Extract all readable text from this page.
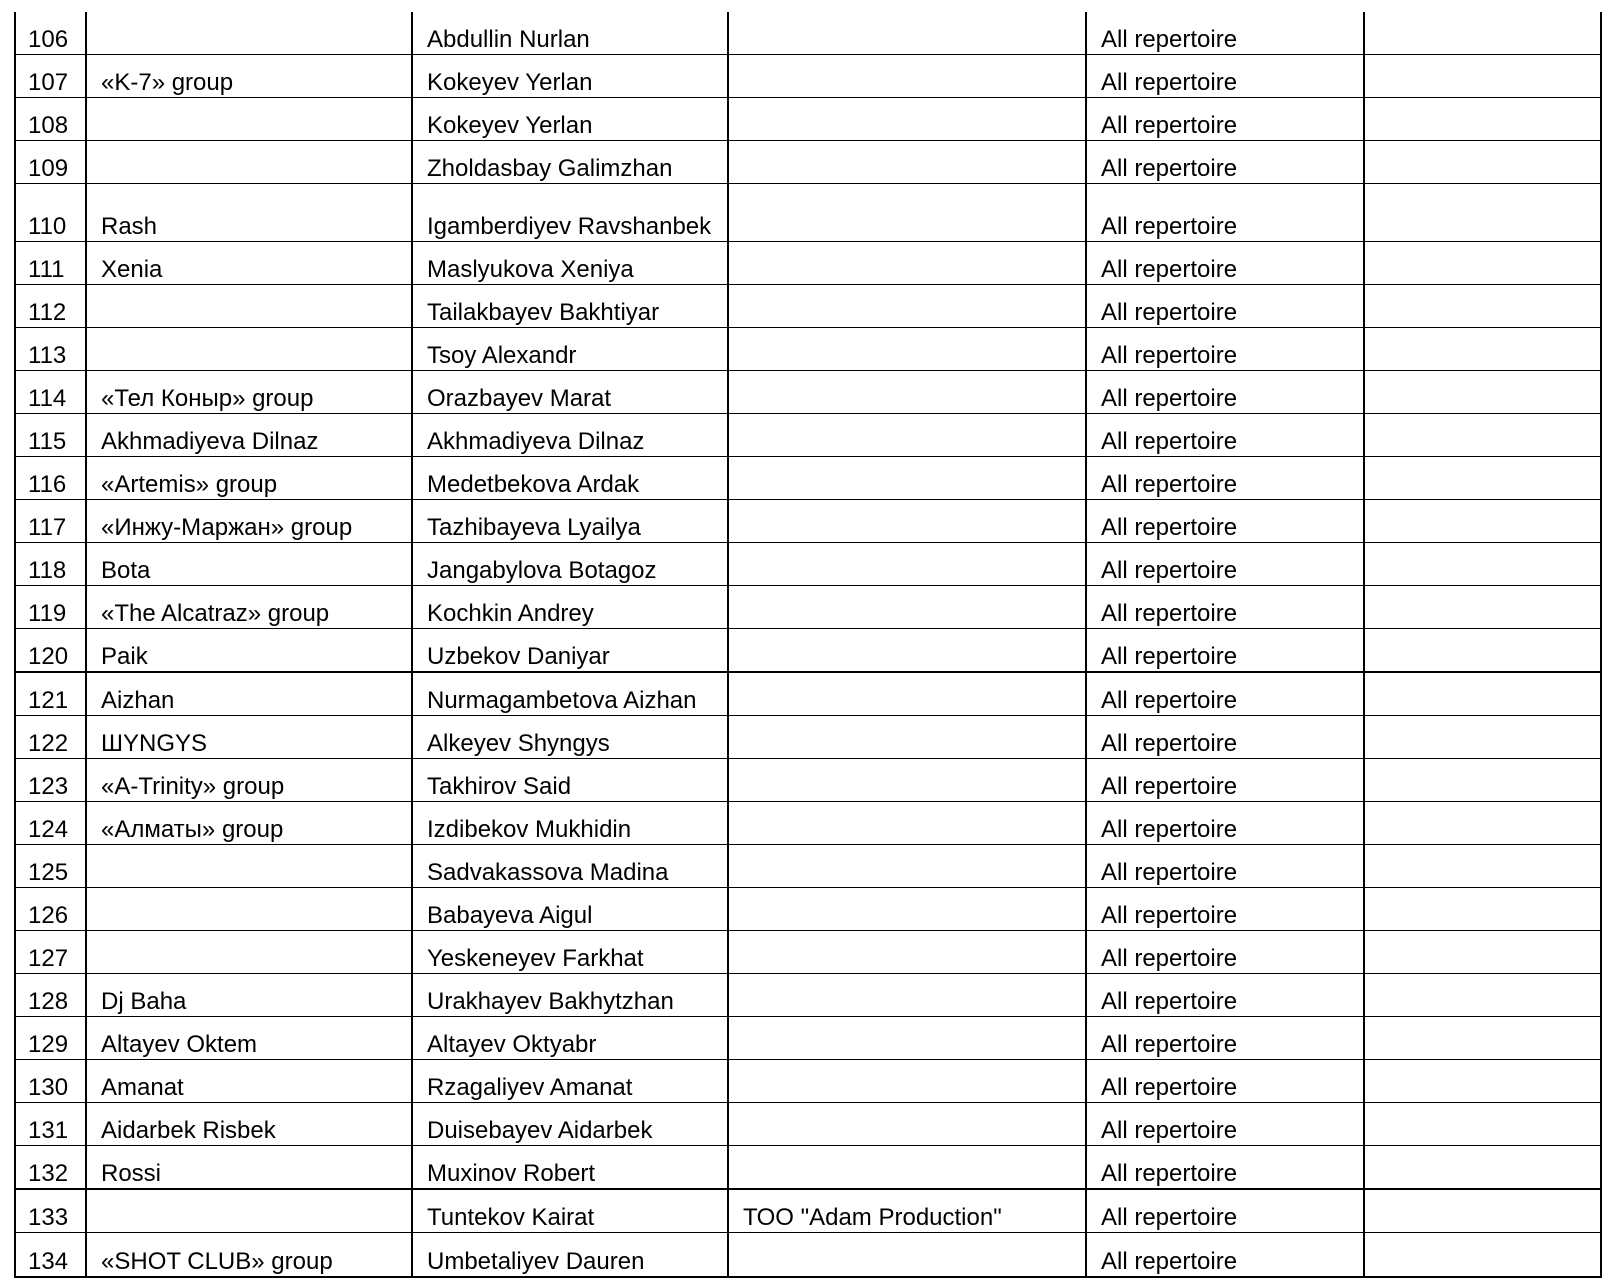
106		Abdullin Nurlan		All repertoire	

107	«K-7» group	Kokeyev Yerlan		All repertoire	

108		Kokeyev Yerlan		All repertoire	

109		Zholdasbay Galimzhan		All repertoire	

110	Rash	Igamberdiyev Ravshanbek		All repertoire	

111	Xenia	Maslyukova Xeniya		All repertoire	

112		Tailakbayev Bakhtiyar		All repertoire	

113		Tsoy Alexandr		All repertoire	

114	«Тел Коныр» group	Orazbayev Marat		All repertoire	

115	Akhmadiyeva Dilnaz	Akhmadiyeva Dilnaz		All repertoire	

116	«Artemis» group	Medetbekova Ardak		All repertoire	

117	«Инжу-Маржан» group	Tazhibayeva Lyailya		All repertoire	

118	Bota	Jangabylova Botagoz		All repertoire	

119	«The Alcatraz» group	Kochkin Andrey		All repertoire	

120	Paik	Uzbekov Daniyar		All repertoire	

121	Aizhan	Nurmagambetova Aizhan		All repertoire	

122	ШYNGYS	Alkeyev Shyngys		All repertoire	

123	«A-Trinity» group	Takhirov Said		All repertoire	

124	«Алматы» group	Izdibekov Mukhidin		All repertoire	

125		Sadvakassova Madina		All repertoire	

126		Babayeva Aigul		All repertoire	

127		Yeskeneyev Farkhat		All repertoire	

128	Dj Baha	Urakhayev Bakhytzhan		All repertoire	

129	Altayev Oktem	Altayev Oktyabr		All repertoire	

130	Amanat	Rzagaliyev Amanat		All repertoire	

131	Aidarbek Risbek	Duisebayev Aidarbek		All repertoire	

132	Rossi	Muxinov Robert		All repertoire	

133		Tuntekov Kairat	ТОО "Adam Production"	All repertoire	

134	«SHOT CLUB» group	Umbetaliyev Dauren		All repertoire	
